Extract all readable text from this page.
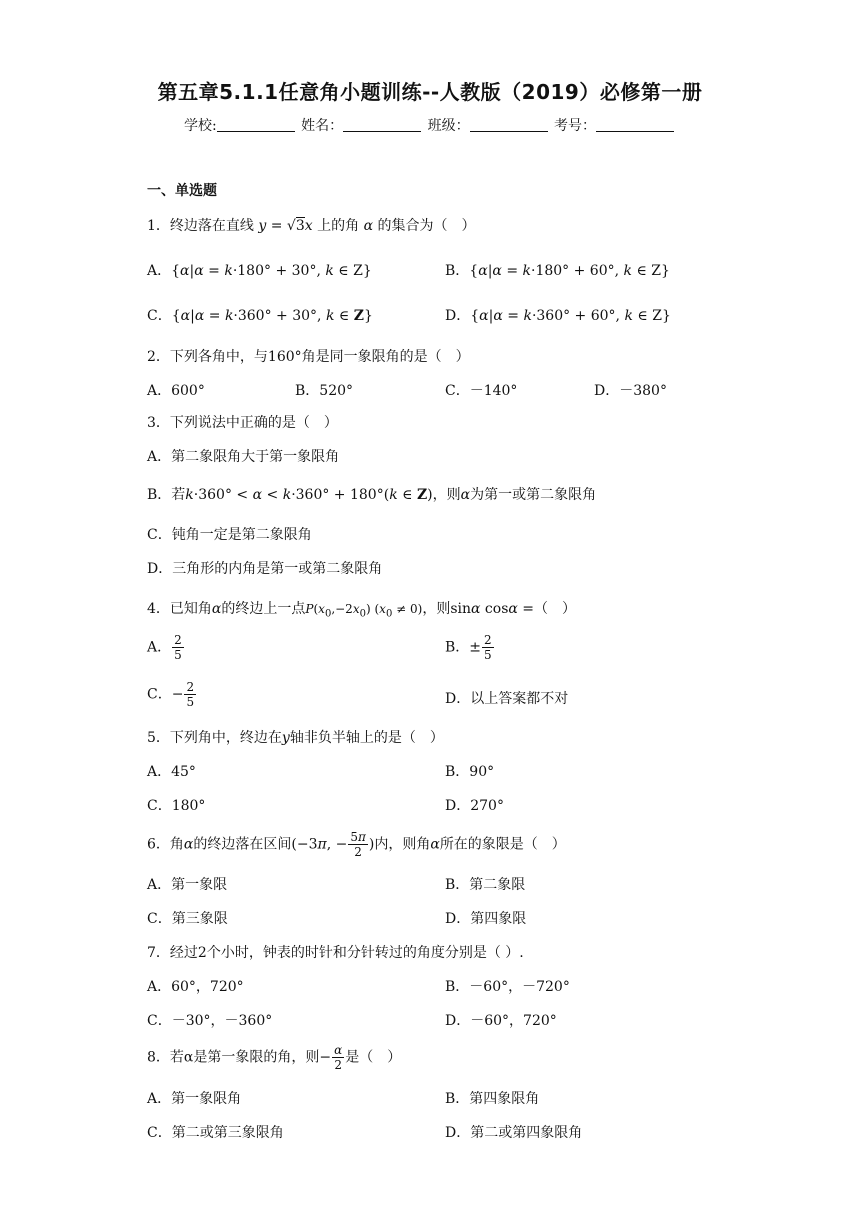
第五章5.1.1任意角小题训练--人教版（2019）必修第一册
学校:	姓名：	班级：	考号：
一、单选题
1．终边落在直线 y = √3x 上的角 α 的集合为（　）
A．{α|α = k·180° + 30°, k ∈ Z}	B．{α|α = k·180° + 60°, k ∈ Z}
C．{α|α = k·360° + 30°, k ∈ Z}	D．{α|α = k·360° + 60°, k ∈ Z}
2．下列各角中，与160°角是同一象限角的是（　）
A．600°	B．520°	C．－140°	D．－380°
3．下列说法中正确的是（　）
A．第二象限角大于第一象限角
B．若k·360° < α < k·360° + 180°(k ∈ Z)，则α为第一或第二象限角
C．钝角一定是第二象限角
D．三角形的内角是第一或第二象限角
4．已知角α的终边上一点$P(x_0,-2x_0) (x_0 \ne 0)$，则sinα cosα =（　）
A． $\frac{2}{5}$	B．± $\frac{2}{5}$
C．− $\frac{2}{5}$	D．以上答案都不对
5．下列角中，终边在y轴非负半轴上的是（　）
A．45°	B．90°
C．180°	D．270°
6．角α的终边落在区间(−3π, − $\frac{5\pi}{2}$ )内，则角α所在的象限是（　）
A．第一象限	B．第二象限
C．第三象限	D．第四象限
7．经过2个小时，钟表的时针和分针转过的角度分别是（ ）.
A．60°，720°	B．－60°，－720°
C．－30°，－360°	D．－60°，720°
8．若α是第一象限的角，则− $\frac{\alpha}{2}$ 是（　）
A．第一象限角	B．第四象限角
C．第二或第三象限角	D．第二或第四象限角
